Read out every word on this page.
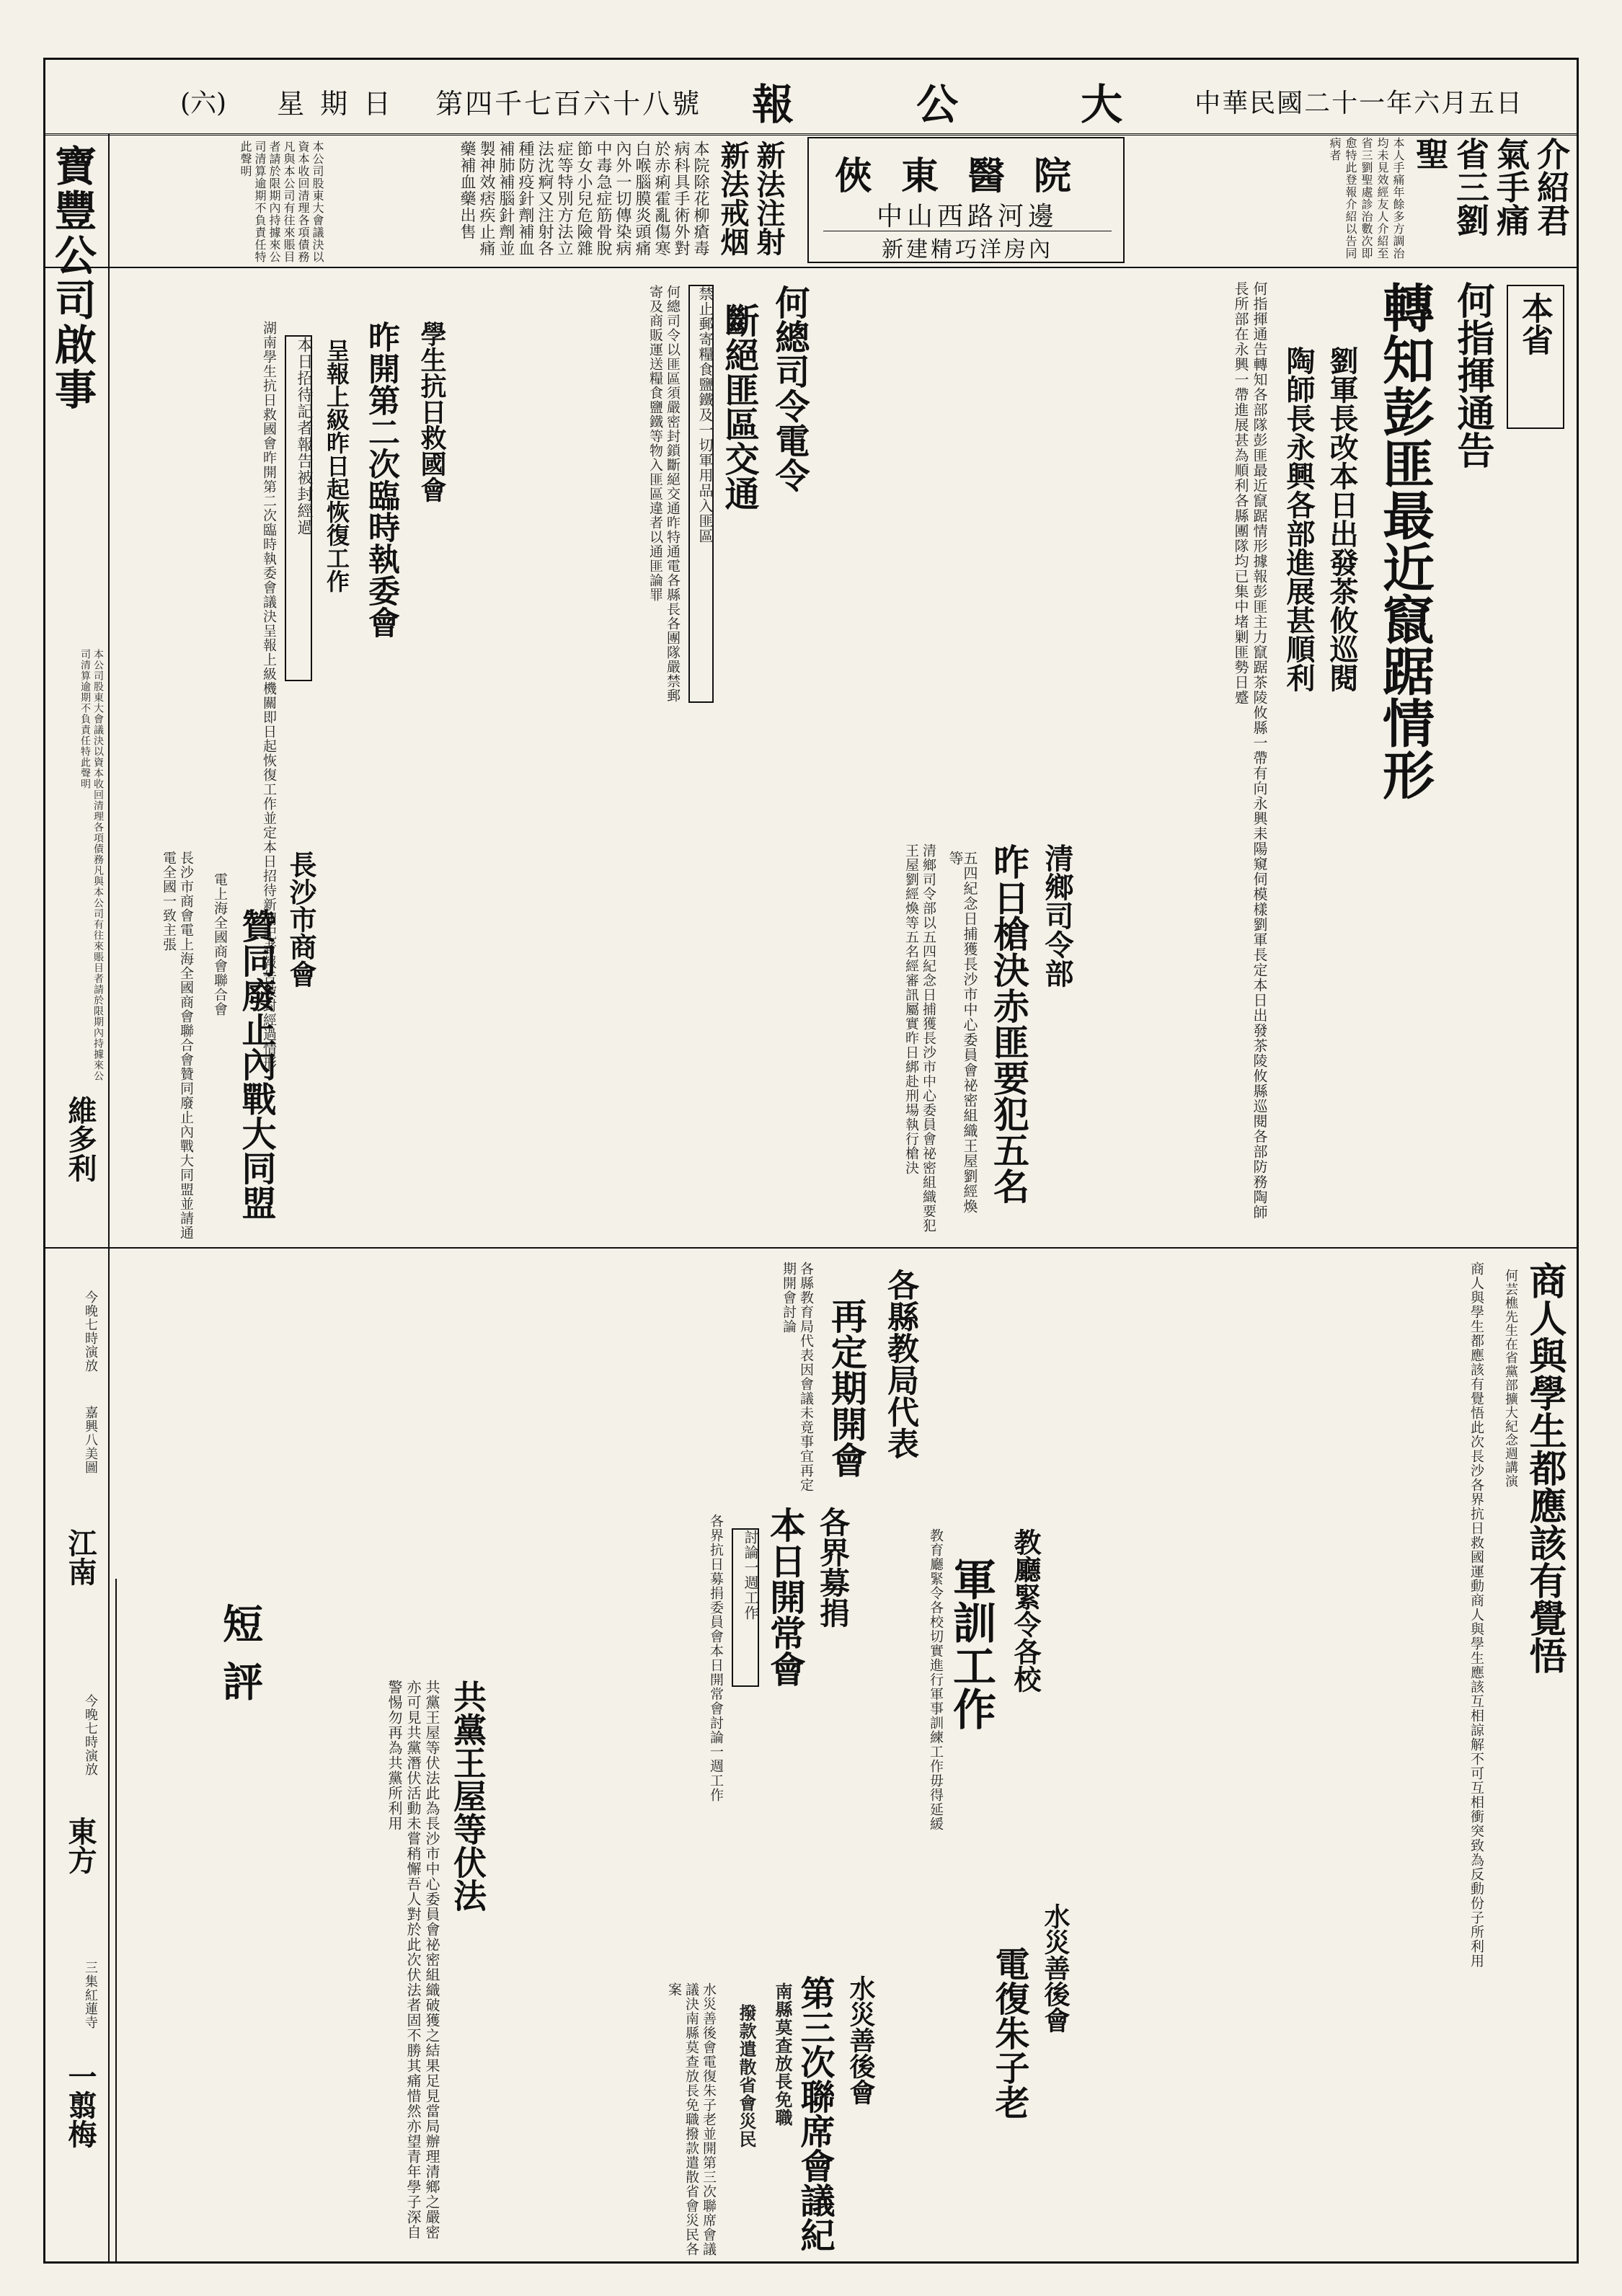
(六) 星期日 第四千七百六十八號 報	公	大	中華民國二十一年六月五日
介紹君氣手痛省三劉聖
本人手痛年餘多方調治均未見效經友人介紹至省三劉聖處診治數次即愈特此登報介紹以告同病者
俠東醫院
中山西路河邊
新建精巧洋房內
新法注射
新法戒烟
本院除花柳瘡毒病科具手術外對於赤痢霍亂傷寒白喉腦膜炎頭痛內外一切傳染病中毒急症筋骨脫節女小兒危險雜症等特別方法立法沈痾又注射各種防疫針劑補血補肺補腦針劑並製神效痞疾止痛藥補血藥出售
本公司股東大會議決以資本收回清理各項債務凡與本公司有往來賬目者請於限期內持據來公司清算逾期不負責任特此聲明
寶豐公司啟事
本公司股東大會議決以資本收回清理各項債務凡與本公司有往來賬目者請於限期內持據來公司清算逾期不負責任特此聲明
維多利
今晚七時演放
嘉興八美圖
江南
今晚七時演放
東方
三集紅蓮寺
一翦梅
本省
何指揮通告
轉知彭匪最近竄踞情形
劉軍長改本日出發茶攸巡閱
陶師長永興各部進展甚順利
何指揮通告轉知各部隊彭匪最近竄踞情形據報彭匪主力竄踞茶陵攸縣一帶有向永興耒陽窺伺模樣劉軍長定本日出發茶陵攸縣巡閱各部防務陶師長所部在永興一帶進展甚為順利各縣團隊均已集中堵剿匪勢日蹙
何總司令電令
斷絕匪區交通
禁止郵寄糧食鹽鐵及一切軍用品入匪區
何總司令以匪區須嚴密封鎖斷絕交通昨特通電各縣長各團隊嚴禁郵寄及商販運送糧食鹽鐵等物入匪區違者以通匪論罪
學生抗日救國會
昨開第二次臨時執委會
呈報上級昨日起恢復工作
本日招待記者報告被封經過
湖南學生抗日救國會昨開第二次臨時執委會議決呈報上級機關即日起恢復工作並定本日招待新聞記者報告被封經過情形
商人與學生都應該有覺悟
何芸樵先生在省黨部擴大紀念週講演
商人與學生都應該有覺悟此次長沙各界抗日救國運動商人與學生應該互相諒解不可互相衝突致為反動份子所利用
清鄉司令部
昨日槍決赤匪要犯五名
五四紀念日捕獲長沙市中心委員會祕密組織王屋劉經煥等
清鄉司令部以五四紀念日捕獲長沙市中心委員會祕密組織要犯王屋劉經煥等五名經審訊屬實昨日綁赴刑場執行槍決
長沙市商會
贊同廢止內戰大同盟
電上海全國商會聯合會
長沙市商會電上海全國商會聯合會贊同廢止內戰大同盟並請通電全國一致主張
教廳緊令各校
軍訓工作
教育廳緊令各校切實進行軍事訓練工作毋得延緩
各縣教局代表
再定期開會
各縣教育局代表因會議未竟事宜再定期開會討論
各界募捐
本日開常會
討論一週工作
各界抗日募捐委員會本日開常會討論一週工作
短評	共黨王屋等伏法
共黨王屋等伏法此為長沙市中心委員會祕密組織破獲之結果足見當局辦理清鄉之嚴密亦可見共黨潛伏活動未嘗稍懈吾人對於此次伏法者固不勝其痛惜然亦望青年學子深自警惕勿再為共黨所利用
水災善後會
電復朱子老
水災善後會
第三次聯席會議紀
南縣莫查放長免職
撥款遣散省會災民
水災善後會電復朱子老並開第三次聯席會議議決南縣莫查放長免職撥款遣散省會災民各案
